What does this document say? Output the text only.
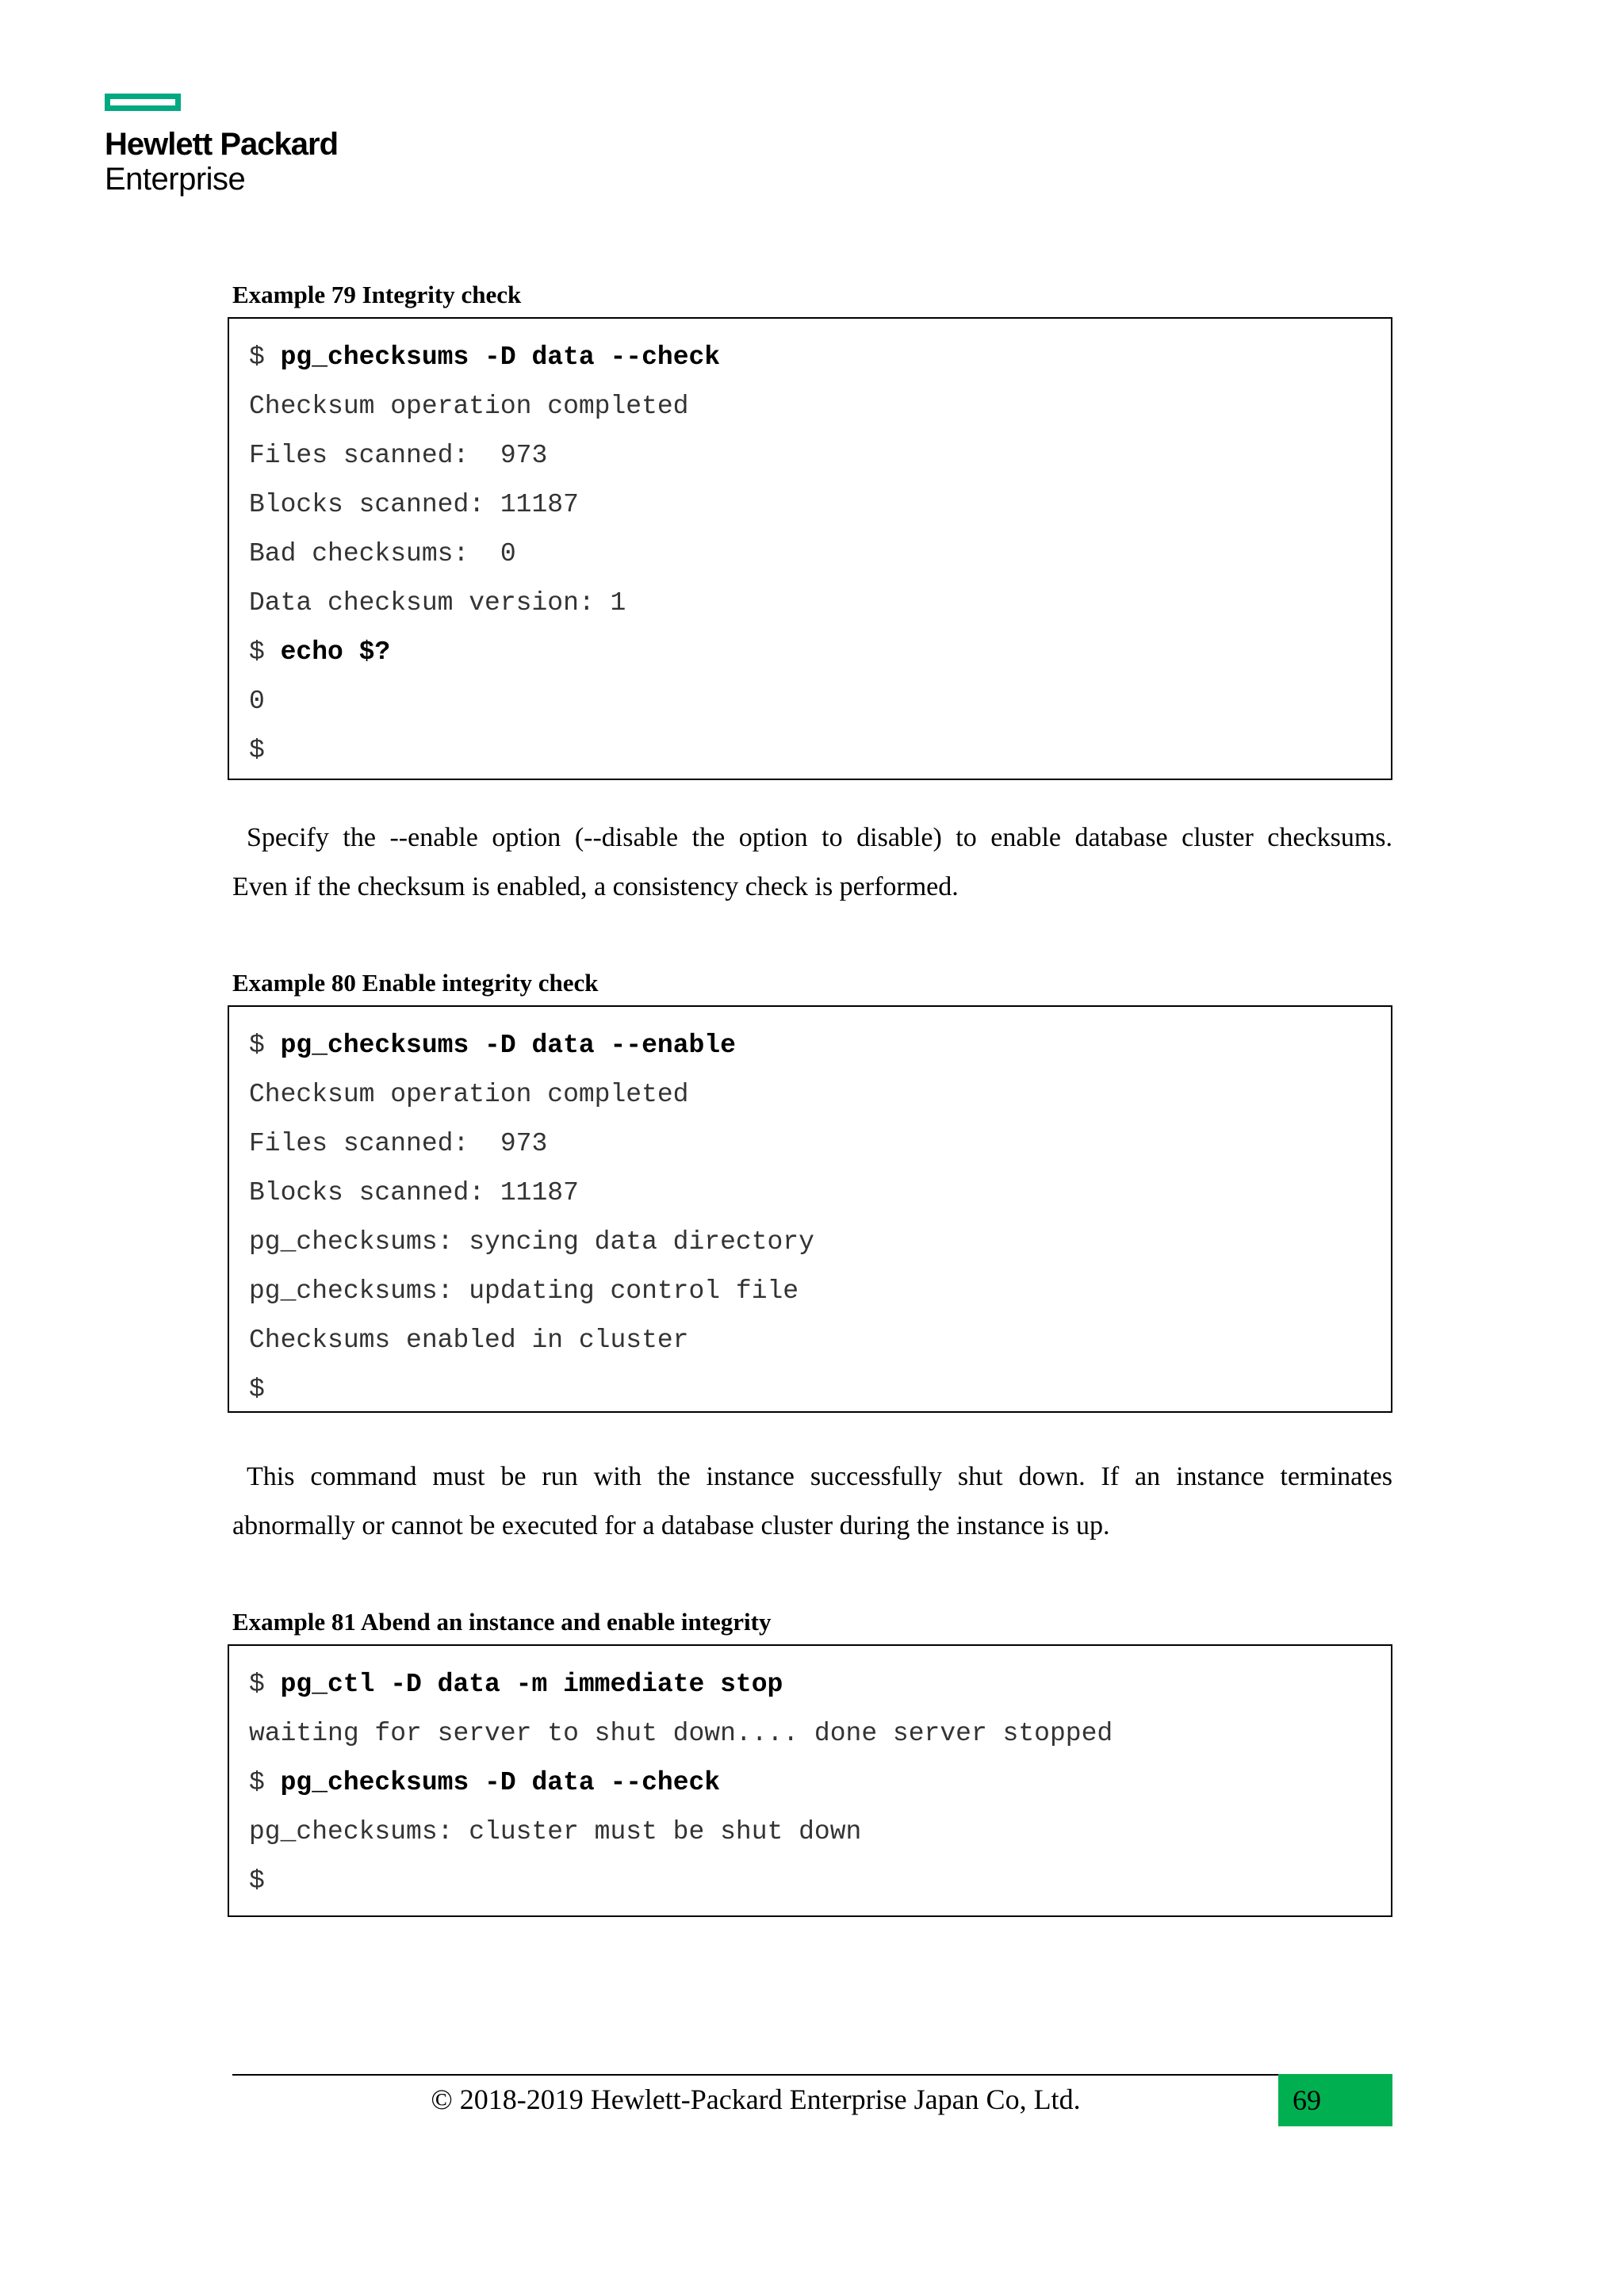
Hewlett Packard
Enterprise
Example 79 Integrity check
$ pg_checksums -D data --check
Checksum operation completed
Files scanned:  973
Blocks scanned: 11187
Bad checksums:  0
Data checksum version: 1
$ echo $?
0
$

Specify the --enable option (--disable the option to disable) to enable database cluster checksums.

Even if the checksum is enabled, a consistency check is performed.

Example 80 Enable integrity check
$ pg_checksums -D data --enable
Checksum operation completed
Files scanned:  973
Blocks scanned: 11187
pg_checksums: syncing data directory
pg_checksums: updating control file
Checksums enabled in cluster
$

This command must be run with the instance successfully shut down. If an instance terminates

abnormally or cannot be executed for a database cluster during the instance is up.

Example 81 Abend an instance and enable integrity
$ pg_ctl -D data -m immediate stop
waiting for server to shut down.... done server stopped
$ pg_checksums -D data --check
pg_checksums: cluster must be shut down
$
© 2018-2019 Hewlett-Packard Enterprise Japan Co, Ltd.	69
